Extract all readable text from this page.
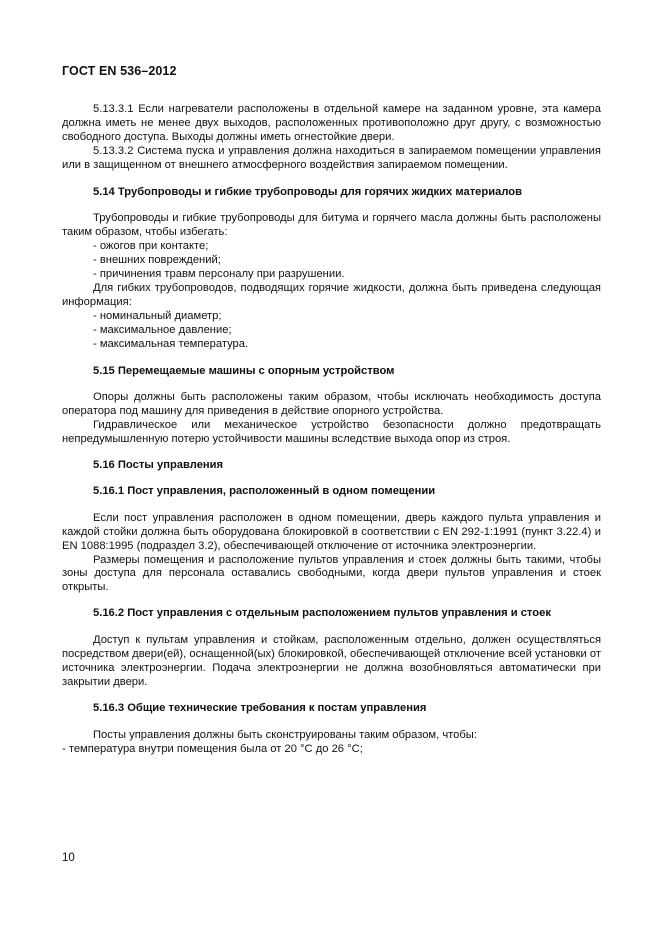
ГОСТ EN 536–2012

5.13.3.1 Если нагреватели расположены в отдельной камере на заданном уровне, эта камера должна иметь не менее двух выходов, расположенных противоположно друг другу, с возможностью свободного доступа. Выходы должны иметь огнестойкие двери.

5.13.3.2 Система пуска и управления должна находиться в запираемом помещении управления или в защищенном от внешнего атмосферного воздействия запираемом помещении.

5.14 Трубопроводы и гибкие трубопроводы для горячих жидких материалов

Трубопроводы и гибкие трубопроводы для битума и горячего масла должны быть расположены таким образом, чтобы избегать:

- ожогов при контакте;

- внешних повреждений;

- причинения травм персоналу при разрушении.

Для гибких трубопроводов, подводящих горячие жидкости, должна быть приведена следующая информация:

- номинальный диаметр;

- максимальное давление;

- максимальная температура.

5.15 Перемещаемые машины с опорным устройством

Опоры должны быть расположены таким образом, чтобы исключать необходимость доступа оператора под машину для приведения в действие опорного устройства.

Гидравлическое или механическое устройство безопасности должно предотвращать непредумышленную потерю устойчивости машины вследствие выхода опор из строя.

5.16 Посты управления

5.16.1 Пост управления, расположенный в одном помещении

Если пост управления расположен в одном помещении, дверь каждого пульта управления и каждой стойки должна быть оборудована блокировкой в соответствии с EN 292-1:1991 (пункт 3.22.4) и EN 1088:1995 (подраздел 3.2), обеспечивающей отключение от источника электроэнергии.

Размеры помещения и расположение пультов управления и стоек должны быть такими, чтобы зоны доступа для персонала оставались свободными, когда двери пультов управления и стоек открыты.

5.16.2 Пост управления с отдельным расположением пультов управления и стоек

Доступ к пультам управления и стойкам, расположенным отдельно, должен осуществляться посредством двери(ей), оснащенной(ых) блокировкой, обеспечивающей отключение всей установки от источника электроэнергии. Подача электроэнергии не должна возобновляться автоматически при закрытии двери.

5.16.3 Общие технические требования к постам управления

Посты управления должны быть сконструированы таким образом, чтобы:

- температура внутри помещения была от 20 °С до 26 °С;

10
